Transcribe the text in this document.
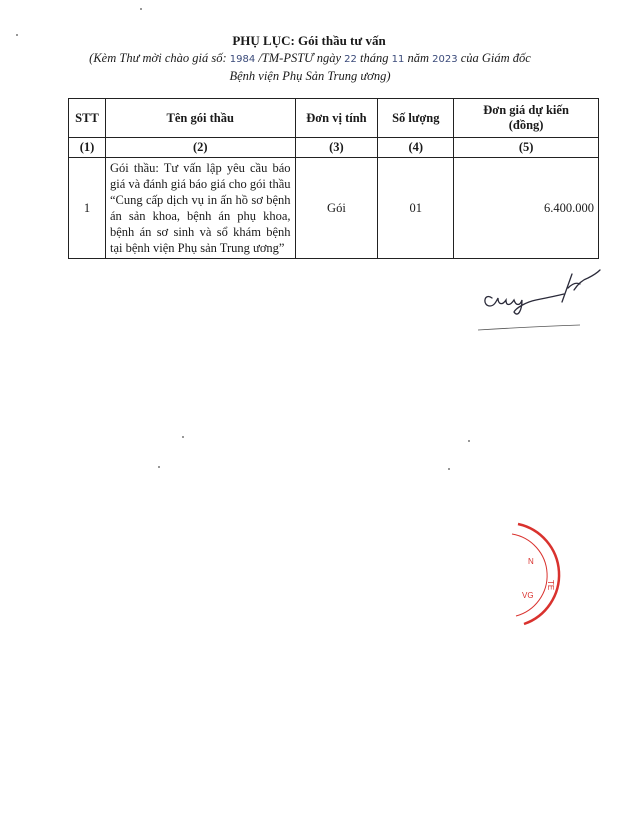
PHỤ LỤC: Gói thầu tư vấn
(Kèm Thư mời chào giá số: 1984 /TM-PSTƯ ngày 22 tháng 11 năm 2023 của Giám đốc
Bệnh viện Phụ Sản Trung ương)
STT	Tên gói thầu	Đơn vị tính	Số lượng	Đơn giá dự kiến
(đồng)
(1)	(2)	(3)	(4)	(5)
1	Gói thầu: Tư vấn lập yêu cầu báo giá và đánh giá báo giá cho gói thầu “Cung cấp dịch vụ in ấn hồ sơ bệnh án sản khoa, bệnh án phụ khoa, bệnh án sơ sinh và sổ khám bệnh tại bệnh viện Phụ sản Trung ương”	Gói	01	6.400.000
N
TE
VG
